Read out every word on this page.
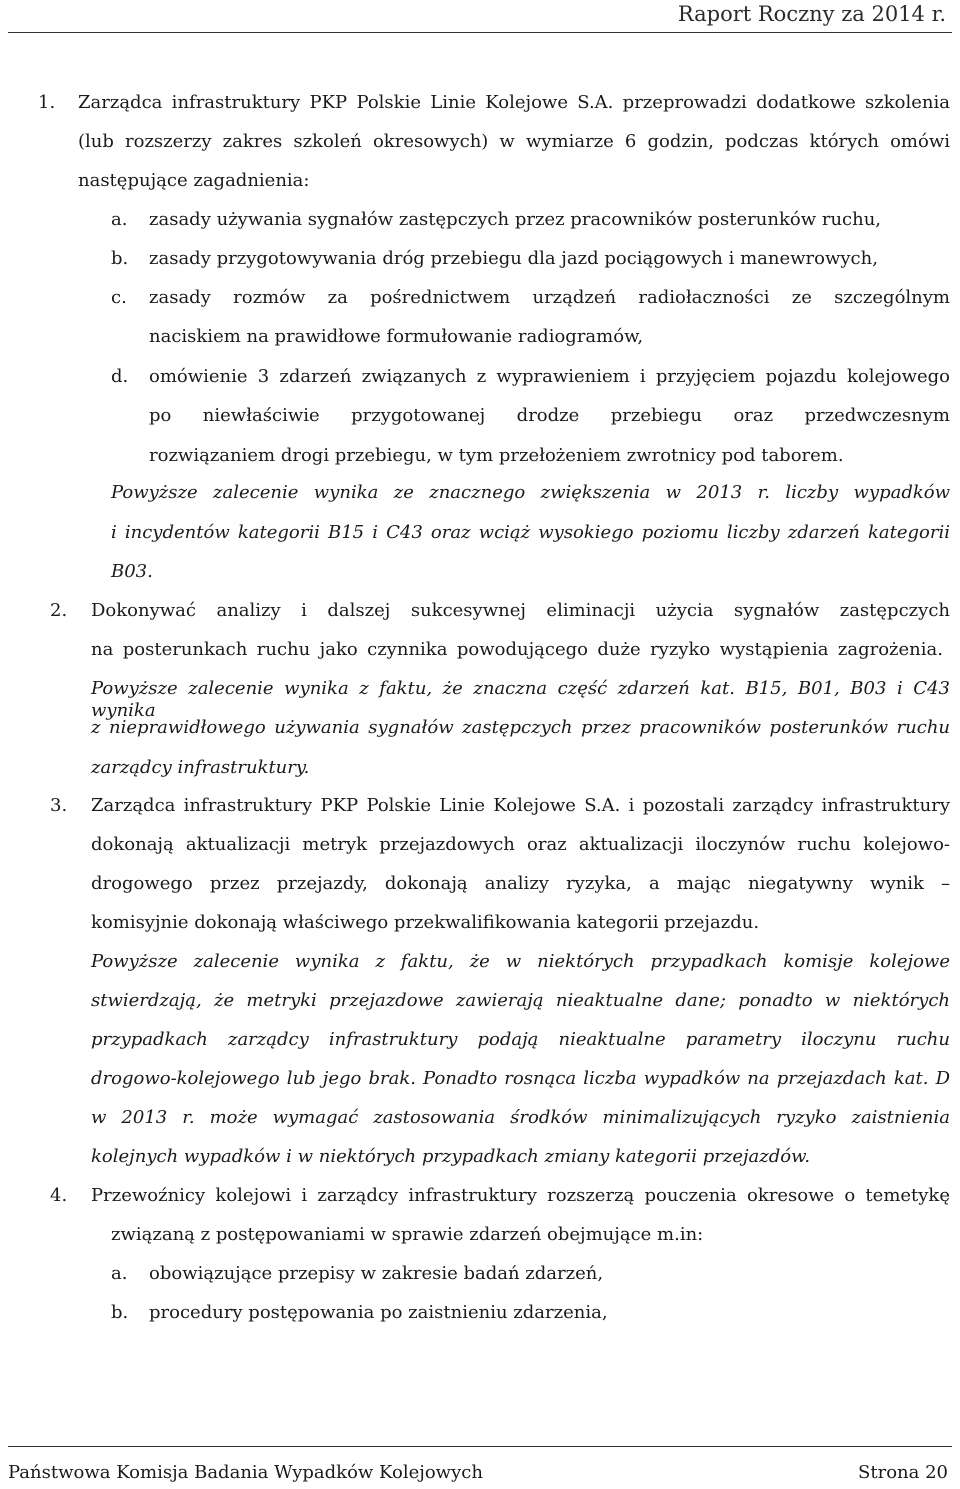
Raport Roczny za 2014 r.
1. Zarządca infrastruktury PKP Polskie Linie Kolejowe S.A. przeprowadzi dodatkowe szkolenia
(lub rozszerzy zakres szkoleń okresowych) w wymiarze 6 godzin, podczas których omówi
następujące zagadnienia:
a. zasady używania sygnałów zastępczych przez pracowników posterunków ruchu,
b. zasady przygotowywania dróg przebiegu dla jazd pociągowych i manewrowych,
c. zasady rozmów za pośrednictwem urządzeń radiołaczności ze szczególnym
naciskiem na prawidłowe formułowanie radiogramów,
d. omówienie 3 zdarzeń związanych z wyprawieniem i przyjęciem pojazdu kolejowego
po niewłaściwie przygotowanej drodze przebiegu oraz przedwczesnym
rozwiązaniem drogi przebiegu, w tym przełożeniem zwrotnicy pod taborem.
Powyższe zalecenie wynika ze znacznego zwiększenia w 2013 r. liczby wypadków
i incydentów kategorii B15 i C43 oraz wciąż wysokiego poziomu liczby zdarzeń kategorii
B03.
2. Dokonywać analizy i dalszej sukcesywnej eliminacji użycia sygnałów zastępczych
na posterunkach ruchu jako czynnika powodującego duże ryzyko wystąpienia zagrożenia.
Powyższe zalecenie wynika z faktu, że znaczna część zdarzeń kat. B15, B01, B03 i C43 wynika
z nieprawidłowego używania sygnałów zastępczych przez pracowników posterunków ruchu
zarządcy infrastruktury.
3. Zarządca infrastruktury PKP Polskie Linie Kolejowe S.A. i pozostali zarządcy infrastruktury
dokonają aktualizacji metryk przejazdowych oraz aktualizacji iloczynów ruchu kolejowo-
drogowego przez przejazdy, dokonają analizy ryzyka, a mając niegatywny wynik –
komisyjnie dokonają właściwego przekwalifikowania kategorii przejazdu.
Powyższe zalecenie wynika z faktu, że w niektórych przypadkach komisje kolejowe
stwierdzają, że metryki przejazdowe zawierają nieaktualne dane; ponadto w niektórych
przypadkach zarządcy infrastruktury podają nieaktualne parametry iloczynu ruchu
drogowo-kolejowego lub jego brak. Ponadto rosnąca liczba wypadków na przejazdach kat. D
w 2013 r. może wymagać zastosowania środków minimalizujących ryzyko zaistnienia
kolejnych wypadków i w niektórych przypadkach zmiany kategorii przejazdów.
4. Przewoźnicy kolejowi i zarządcy infrastruktury rozszerzą pouczenia okresowe o temetykę
związaną z postępowaniami w sprawie zdarzeń obejmujące m.in:
a. obowiązujące przepisy w zakresie badań zdarzeń,
b. procedury postępowania po zaistnieniu zdarzenia,
Państwowa Komisja Badania Wypadków Kolejowych	Strona 20
